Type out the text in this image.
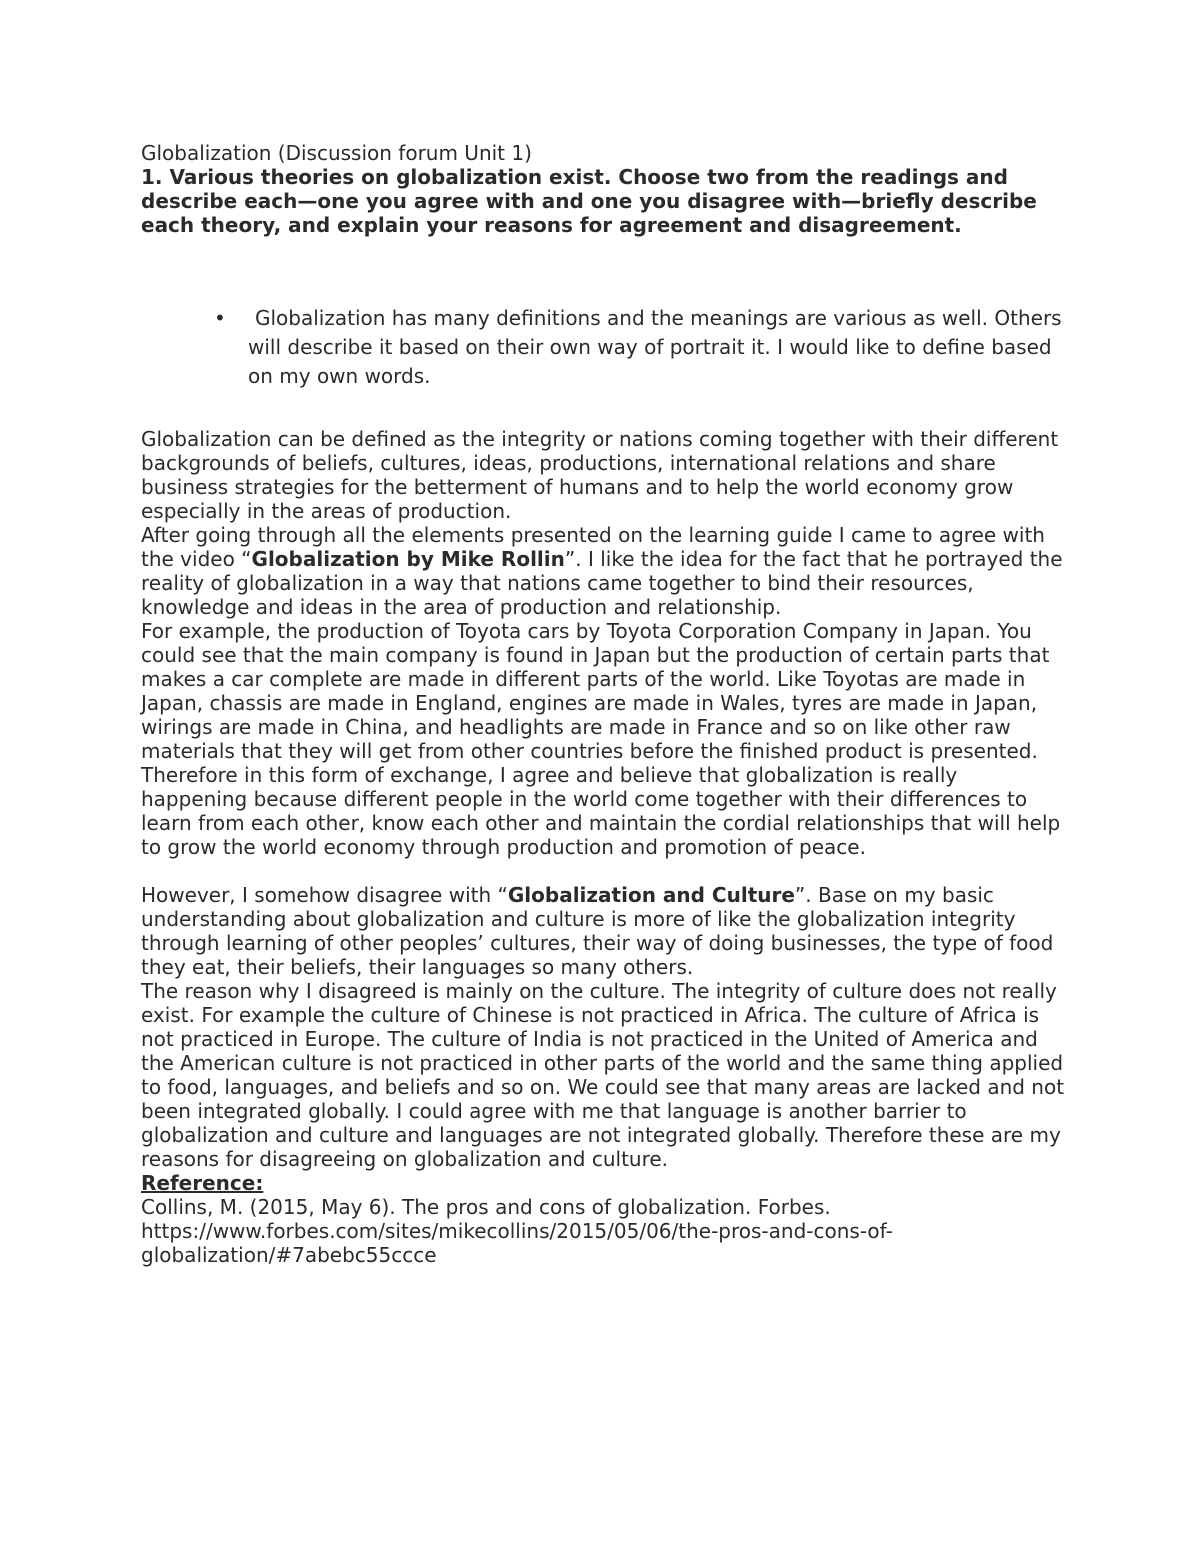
Globalization (Discussion forum Unit 1)

1. Various theories on globalization exist. Choose two from the readings and describe each—one you agree with and one you disagree with—briefly describe each theory, and explain your reasons for agreement and disagreement.

•	Globalization has many definitions and the meanings are various as well. Others will describe it based on their own way of portrait it. I would like to define based on my own words.

Globalization can be defined as the integrity or nations coming together with their different backgrounds of beliefs, cultures, ideas, productions, international relations and share business strategies for the betterment of humans and to help the world economy grow especially in the areas of production.

After going through all the elements presented on the learning guide I came to agree with the video “Globalization by Mike Rollin”. I like the idea for the fact that he portrayed the reality of globalization in a way that nations came together to bind their resources, knowledge and ideas in the area of production and relationship.

For example, the production of Toyota cars by Toyota Corporation Company in Japan. You could see that the main company is found in Japan but the production of certain parts that makes a car complete are made in different parts of the world. Like Toyotas are made in Japan, chassis are made in England, engines are made in Wales, tyres are made in Japan, wirings are made in China, and headlights are made in France and so on like other raw materials that they will get from other countries before the finished product is presented. Therefore in this form of exchange, I agree and believe that globalization is really happening because different people in the world come together with their differences to learn from each other, know each other and maintain the cordial relationships that will help to grow the world economy through production and promotion of peace.

However, I somehow disagree with “Globalization and Culture”. Base on my basic understanding about globalization and culture is more of like the globalization integrity through learning of other peoples’ cultures, their way of doing businesses, the type of food they eat, their beliefs, their languages so many others.

The reason why I disagreed is mainly on the culture. The integrity of culture does not really exist. For example the culture of Chinese is not practiced in Africa. The culture of Africa is not practiced in Europe. The culture of India is not practiced in the United of America and the American culture is not practiced in other parts of the world and the same thing applied to food, languages, and beliefs and so on. We could see that many areas are lacked and not been integrated globally. I could agree with me that language is another barrier to globalization and culture and languages are not integrated globally. Therefore these are my reasons for disagreeing on globalization and culture.

Reference:

Collins, M. (2015, May 6). The pros and cons of globalization. Forbes.

https://www.forbes.com/sites/mikecollins/2015/05/06/the-pros-and-cons-of-globalization/#7abebc55ccce
